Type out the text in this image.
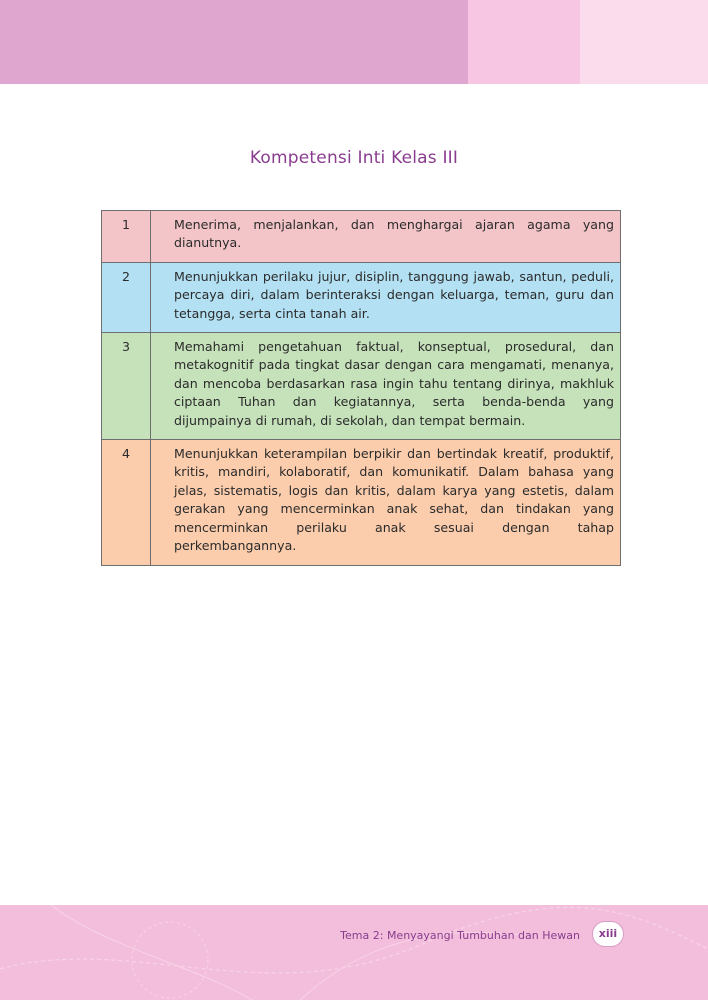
Kompetensi Inti Kelas III
1	Menerima, menjalankan, dan menghargai ajaran agama yang dianutnya.
2	Menunjukkan perilaku jujur, disiplin, tanggung jawab, santun, peduli, percaya diri, dalam berinteraksi dengan keluarga, teman, guru dan tetangga, serta cinta tanah air.
3	Memahami pengetahuan faktual, konseptual, prosedural, dan metakognitif pada tingkat dasar dengan cara mengamati, menanya, dan mencoba berdasarkan rasa ingin tahu tentang dirinya, makhluk ciptaan Tuhan dan kegiatannya, serta benda-benda yang dijumpainya di rumah, di sekolah, dan tempat bermain.
4	Menunjukkan keterampilan berpikir dan bertindak kreatif, produktif, kritis, mandiri, kolaboratif, dan komunikatif. Dalam bahasa yang jelas, sistematis, logis dan kritis, dalam karya yang estetis, dalam gerakan yang mencerminkan anak sehat, dan tindakan yang mencerminkan perilaku anak sesuai dengan tahap perkembangannya.
Tema 2: Menyayangi Tumbuhan dan Hewan	xiii
